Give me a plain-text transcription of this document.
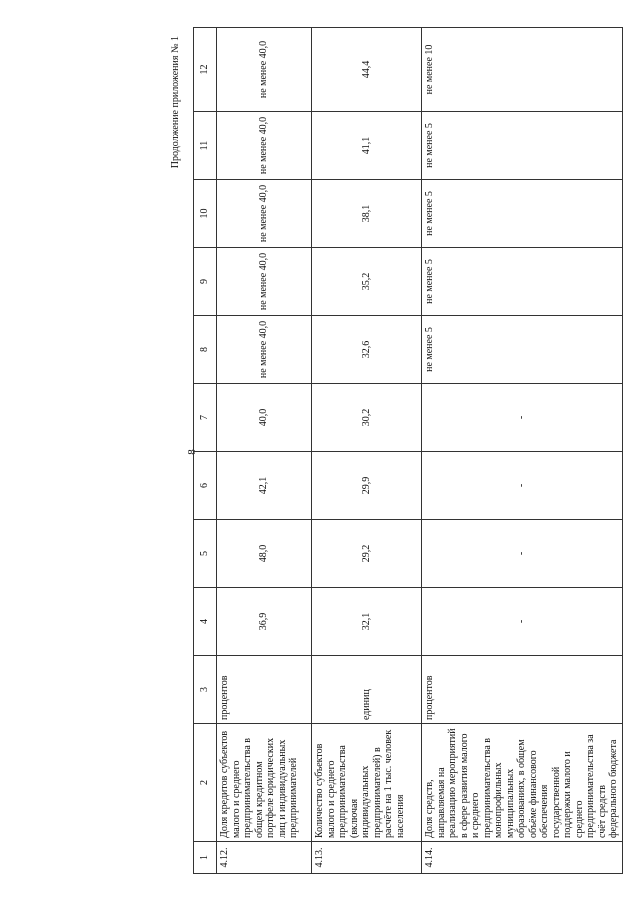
8
Продолжение приложения № 1
1	2	3	4	5	6	7	8	9	10	11	12
4.12.	Доля кредитов субъектов малого и среднего предпринимательства в общем кредитном портфеле юридических лиц и индивидуальных предпринимателей	процентов	36,9	48,0	42,1	40,0	не менее 40,0	не менее 40,0	не менее 40,0	не менее 40,0	не менее 40,0
4.13.	Количество субъектов малого и среднего предпринимательства (включая индивидуальных предпринимателей) в расчёте на 1 тыс. человек населения	единиц	32,1	29,2	29,9	30,2	32,6	35,2	38,1	41,1	44,4
4.14.	Доля средств, направляемая на реализацию мероприятий в сфере развития малого и среднего предпринимательства в монопрофильных муниципальных образованиях, в общем объёме финансового обеспечения государственной поддержки малого и среднего предпринимательства за счёт средств федерального бюджета	процентов	-	-	-	-	не менее 5	не менее 5	не менее 5	не менее 5	не менее 10
